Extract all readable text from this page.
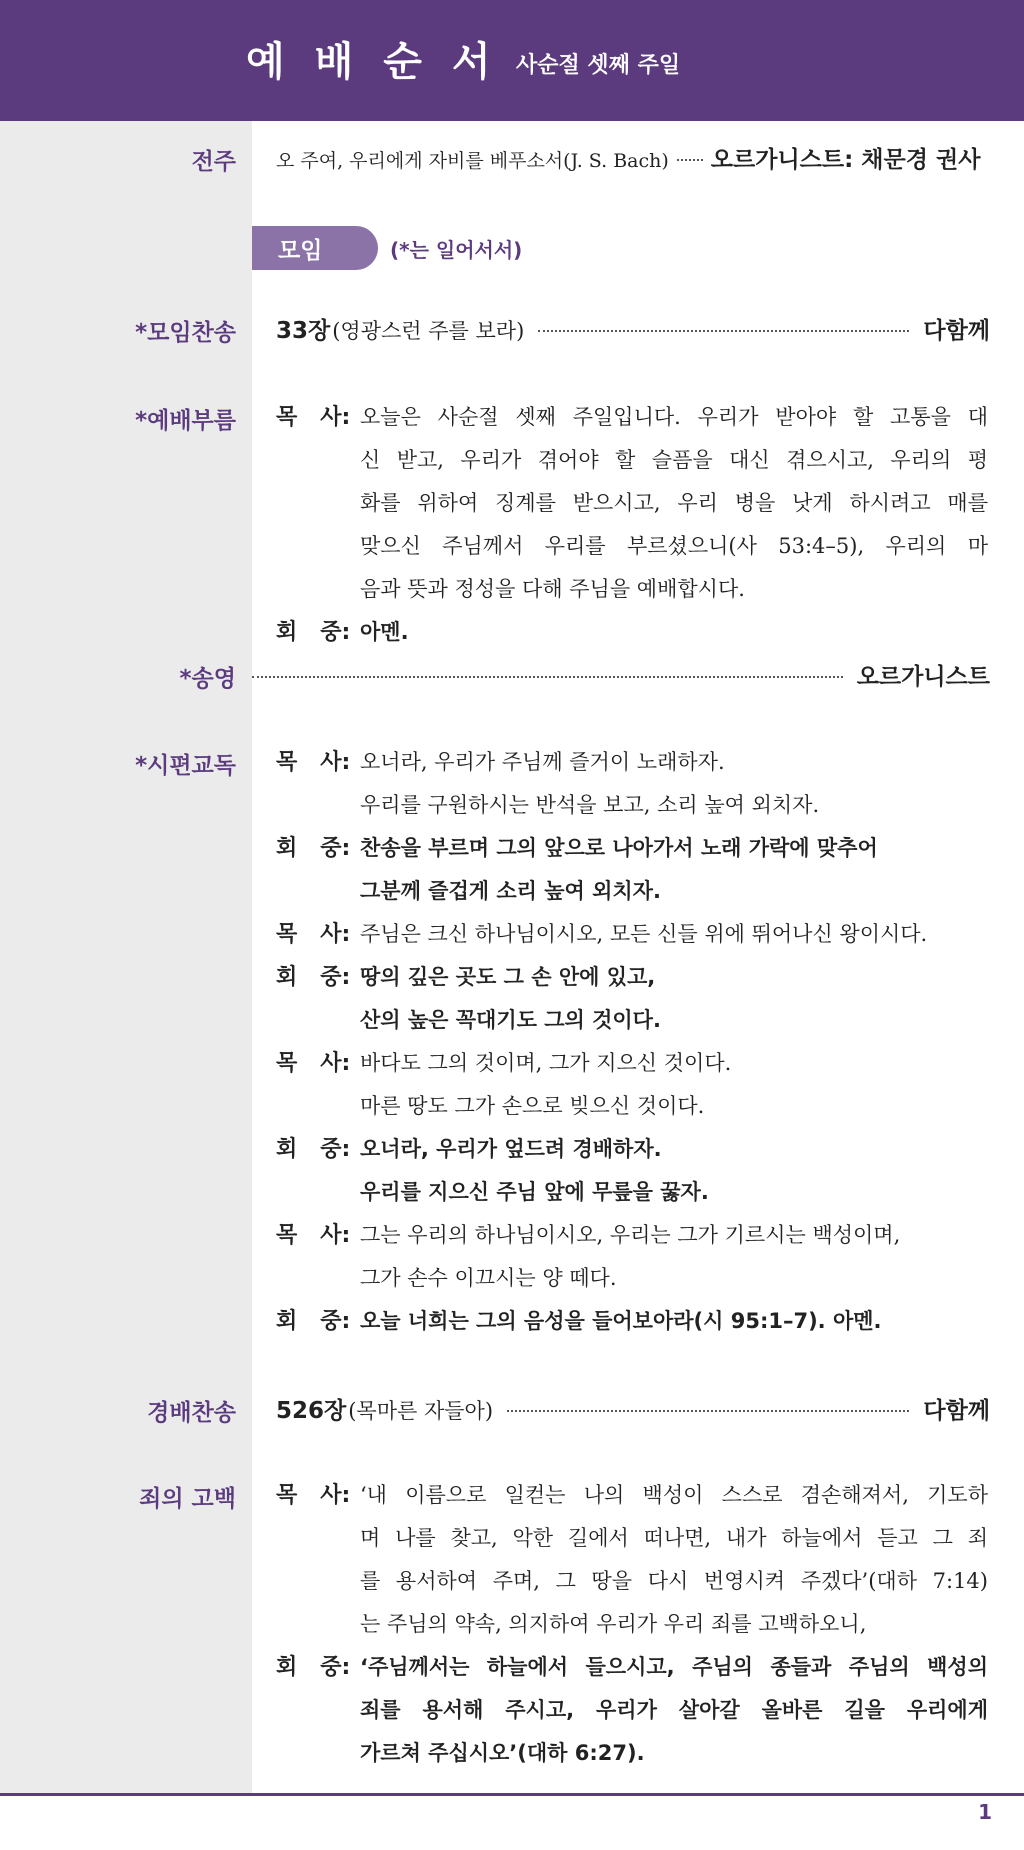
예배순서
사순절 셋째 주일
전주 오 주여, 우리에게 자비를 베푸소서(J. S. Bach) 오르가니스트: 채문경 권사
모임	(*는 일어서서)
*모임찬송 33장 (영광스런 주를 보라)	다함께
*예배부름 목   사: 오늘은 사순절 셋째 주일입니다. 우리가 받아야 할 고통을 대
신 받고, 우리가 겪어야 할 슬픔을 대신 겪으시고, 우리의 평
화를 위하여 징계를 받으시고, 우리 병을 낫게 하시려고 매를
맞으신 주님께서 우리를 부르셨으니(사 53:4–5), 우리의 마
음과 뜻과 정성을 다해 주님을 예배합시다.
회   중: 아멘.
*송영	오르가니스트
*시편교독 목   사: 오너라, 우리가 주님께 즐거이 노래하자.
우리를 구원하시는 반석을 보고, 소리 높여 외치자.
회   중: 찬송을 부르며 그의 앞으로 나아가서 노래 가락에 맞추어
그분께 즐겁게 소리 높여 외치자.
목   사: 주님은 크신 하나님이시오, 모든 신들 위에 뛰어나신 왕이시다.
회   중: 땅의 깊은 곳도 그 손 안에 있고,
산의 높은 꼭대기도 그의 것이다.
목   사: 바다도 그의 것이며, 그가 지으신 것이다.
마른 땅도 그가 손으로 빚으신 것이다.
회   중: 오너라, 우리가 엎드려 경배하자.
우리를 지으신 주님 앞에 무릎을 꿇자.
목   사: 그는 우리의 하나님이시오, 우리는 그가 기르시는 백성이며,
그가 손수 이끄시는 양 떼다.
회   중: 오늘 너희는 그의 음성을 들어보아라(시 95:1–7). 아멘.
경배찬송 526장 (목마른 자들아)	다함께
죄의 고백 목   사: ‘내 이름으로 일컫는 나의 백성이 스스로 겸손해져서, 기도하
며 나를 찾고, 악한 길에서 떠나면, 내가 하늘에서 듣고 그 죄
를 용서하여 주며, 그 땅을 다시 번영시켜 주겠다’(대하 7:14)
는 주님의 약속, 의지하여 우리가 우리 죄를 고백하오니,
회   중: ‘주님께서는 하늘에서 들으시고, 주님의 종들과 주님의 백성의
죄를 용서해 주시고, 우리가 살아갈 올바른 길을 우리에게
가르쳐 주십시오’(대하 6:27).
1
